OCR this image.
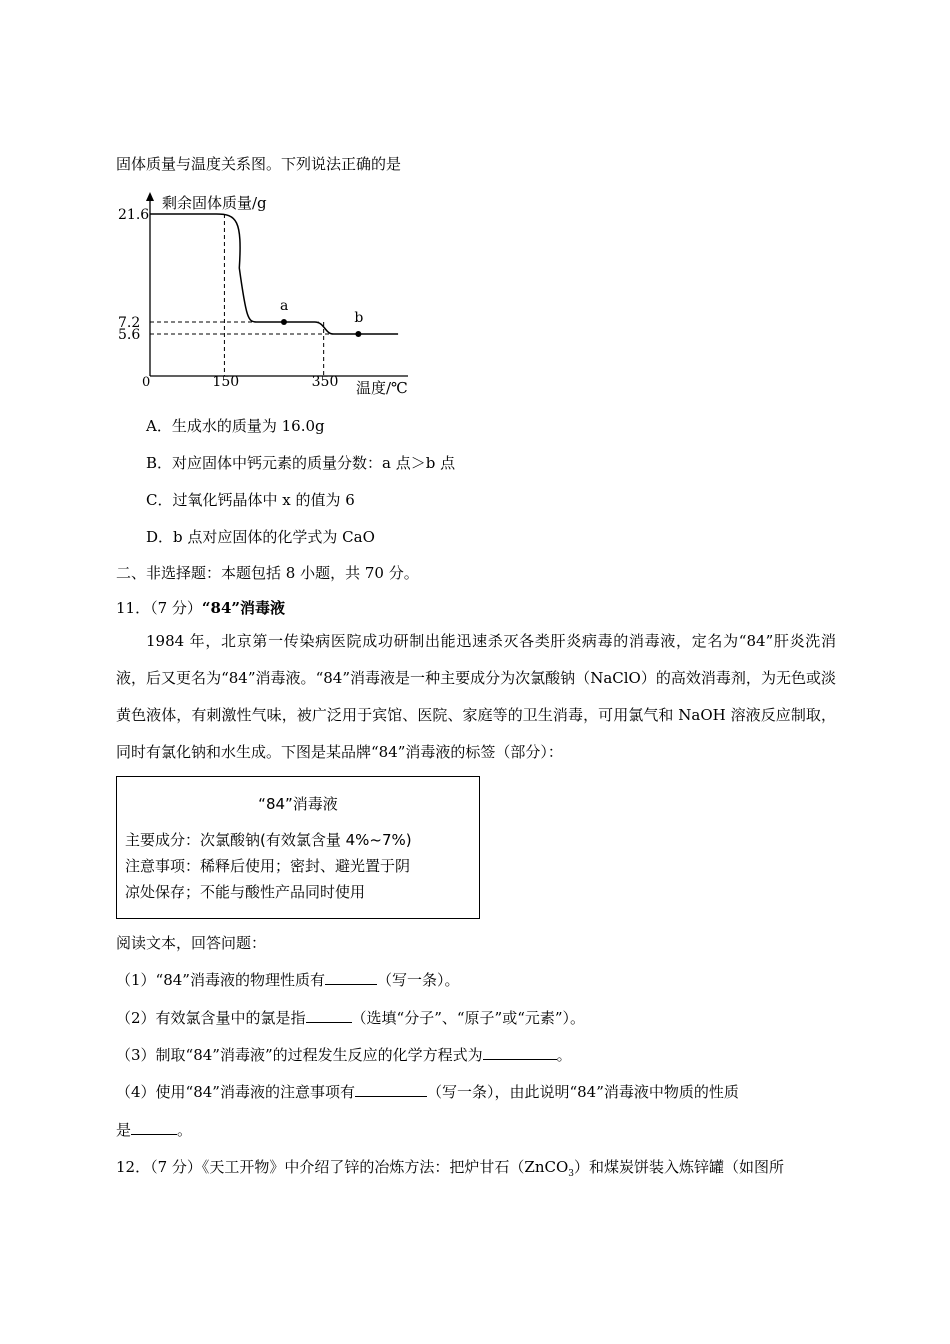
固体质量与温度关系图。下列说法正确的是
剩余固体质量/g
温度/℃
0
21.6
7.2
5.6
150	350
a
b
A．生成水的质量为 16.0g
B．对应固体中钙元素的质量分数：a 点＞b 点
C．过氧化钙晶体中 x 的值为 6
D．b 点对应固体的化学式为 CaO
二、非选择题：本题包括 8 小题，共 70 分。
11．（7 分）“84”消毒液
1984 年，北京第一传染病医院成功研制出能迅速杀灭各类肝炎病毒的消毒液，定名为“84”肝炎洗消液，后又更名为“84”消毒液。“84”消毒液是一种主要成分为次氯酸钠（NaClO）的高效消毒剂，为无色或淡黄色液体，有刺激性气味，被广泛用于宾馆、医院、家庭等的卫生消毒，可用氯气和 NaOH 溶液反应制取，同时有氯化钠和水生成。下图是某品牌“84”消毒液的标签（部分）：
“84”消毒液
主要成分：次氯酸钠(有效氯含量 4%~7%)
注意事项：稀释后使用；密封、避光置于阴
凉处保存；不能与酸性产品同时使用
阅读文本，回答问题：
（1）“84”消毒液的物理性质有	（写一条）。
（2）有效氯含量中的氯是指	（选填“分子”、“原子”或“元素”）。
（3）制取“84”消毒液”的过程发生反应的化学方程式为	。
（4）使用“84”消毒液的注意事项有	（写一条），由此说明“84”消毒液中物质的性质
是	。
12．（7 分）《天工开物》中介绍了锌的冶炼方法：把炉甘石（ZnCO$_3$）和煤炭饼装入炼锌罐（如图所
